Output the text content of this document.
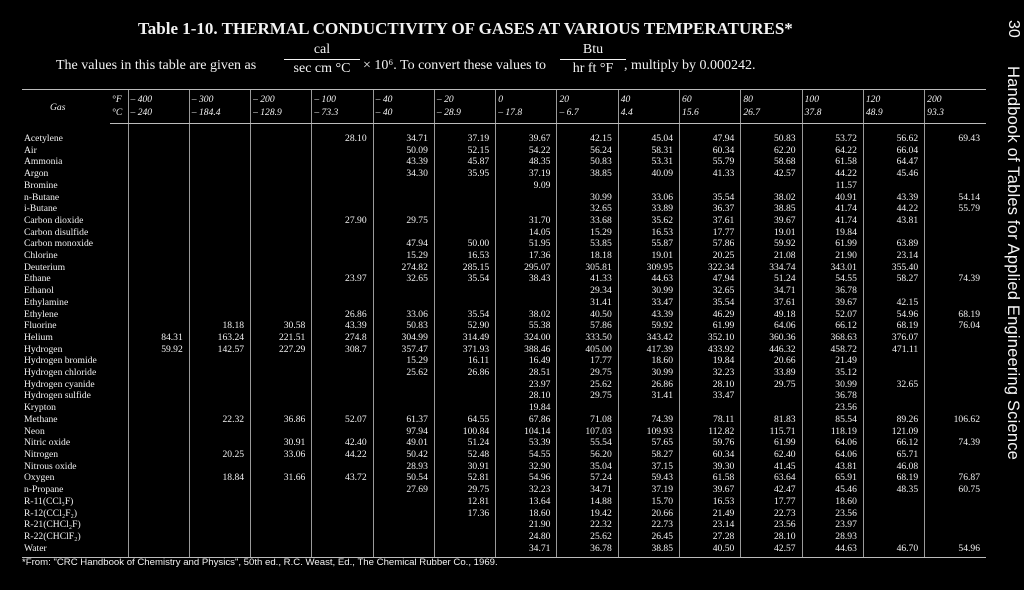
30
Handbook of Tables for Applied Engineering Science
Table 1-10. THERMAL CONDUCTIVITY OF GASES AT VARIOUS TEMPERATURES*
The values in this table are given as
cal
sec cm °C × 10⁶. To convert these values to
Btu
hr ft °F , multiply by 0.000242.
Gas	°F	– 400	– 300	– 200	– 100	– 40	– 20	0	20	40	60	80	100	120	200
	°C	– 240	– 184.4	– 128.9	– 73.3	– 40	– 28.9	– 17.8	– 6.7	4.4	15.6	26.7	37.8	48.9	93.3
Acetylene					28.10	34.71	37.19	39.67	42.15	45.04	47.94	50.83	53.72	56.62	69.43
Air						50.09	52.15	54.22	56.24	58.31	60.34	62.20	64.22	66.04	
Ammonia						43.39	45.87	48.35	50.83	53.31	55.79	58.68	61.58	64.47	
Argon						34.30	35.95	37.19	38.85	40.09	41.33	42.57	44.22	45.46	
Bromine								9.09					11.57		
n-Butane									30.99	33.06	35.54	38.02	40.91	43.39	54.14
i-Butane									32.65	33.89	36.37	38.85	41.74	44.22	55.79
Carbon dioxide					27.90	29.75		31.70	33.68	35.62	37.61	39.67	41.74	43.81	
Carbon disulfide								14.05	15.29	16.53	17.77	19.01	19.84		
Carbon monoxide						47.94	50.00	51.95	53.85	55.87	57.86	59.92	61.99	63.89	
Chlorine						15.29	16.53	17.36	18.18	19.01	20.25	21.08	21.90	23.14	
Deuterium						274.82	285.15	295.07	305.81	309.95	322.34	334.74	343.01	355.40	
Ethane					23.97	32.65	35.54	38.43	41.33	44.63	47.94	51.24	54.55	58.27	74.39
Ethanol									29.34	30.99	32.65	34.71	36.78		
Ethylamine									31.41	33.47	35.54	37.61	39.67	42.15	
Ethylene					26.86	33.06	35.54	38.02	40.50	43.39	46.29	49.18	52.07	54.96	68.19
Fluorine			18.18	30.58	43.39	50.83	52.90	55.38	57.86	59.92	61.99	64.06	66.12	68.19	76.04
Helium		84.31	163.24	221.51	274.8	304.99	314.49	324.00	333.50	343.42	352.10	360.36	368.63	376.07	
Hydrogen		59.92	142.57	227.29	308.7	357.47	371.93	388.46	405.00	417.39	433.92	446.32	458.72	471.11	
Hydrogen bromide						15.29	16.11	16.49	17.77	18.60	19.84	20.66	21.49		
Hydrogen chloride						25.62	26.86	28.51	29.75	30.99	32.23	33.89	35.12		
Hydrogen cyanide								23.97	25.62	26.86	28.10	29.75	30.99	32.65	
Hydrogen sulfide								28.10	29.75	31.41	33.47		36.78		
Krypton								19.84					23.56		
Methane			22.32	36.86	52.07	61.37	64.55	67.86	71.08	74.39	78.11	81.83	85.54	89.26	106.62
Neon						97.94	100.84	104.14	107.03	109.93	112.82	115.71	118.19	121.09	
Nitric oxide				30.91	42.40	49.01	51.24	53.39	55.54	57.65	59.76	61.99	64.06	66.12	74.39
Nitrogen			20.25	33.06	44.22	50.42	52.48	54.55	56.20	58.27	60.34	62.40	64.06	65.71	
Nitrous oxide						28.93	30.91	32.90	35.04	37.15	39.30	41.45	43.81	46.08	
Oxygen			18.84	31.66	43.72	50.54	52.81	54.96	57.24	59.43	61.58	63.64	65.91	68.19	76.87
n-Propane						27.69	29.75	32.23	34.71	37.19	39.67	42.47	45.46	48.35	60.75
R-11(CCl₃F)							12.81	13.64	14.88	15.70	16.53	17.77	18.60		
R-12(CCl₂F₂)							17.36	18.60	19.42	20.66	21.49	22.73	23.56		
R-21(CHCl₂F)								21.90	22.32	22.73	23.14	23.56	23.97		
R-22(CHClF₂)								24.80	25.62	26.45	27.28	28.10	28.93		
Water								34.71	36.78	38.85	40.50	42.57	44.63	46.70	54.96
*From: "CRC Handbook of Chemistry and Physics", 50th ed., R.C. Weast, Ed., The Chemical Rubber Co., 1969.
